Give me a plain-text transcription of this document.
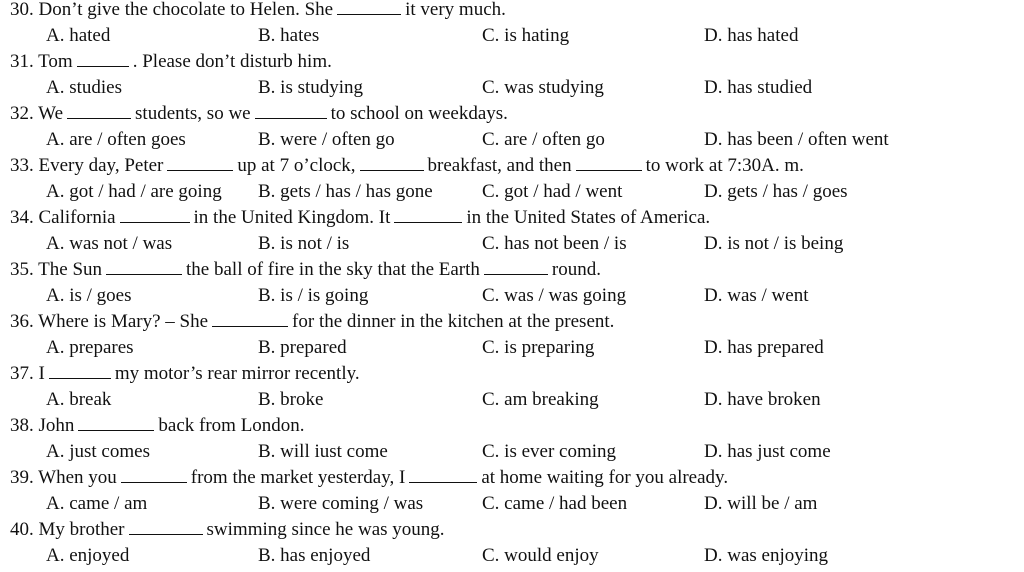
30. Don’t give the chocolate to Helen. She	it very much.
A. hated	B. hates	C. is hating	D. has hated
31. Tom	. Please don’t disturb him.
A. studies	B. is studying	C. was studying	D. has studied
32. We	students, so we	to school on weekdays.
A. are / often goes	B. were / often go	C. are / often go	D. has been / often went
33. Every day, Peter	up at 7 o’clock,	breakfast, and then	to work at 7:30A. m.
A. got / had / are going B. gets / has / has gone	C. got / had / went	D. gets / has / goes
34. California	in the United Kingdom. It	in the United States of America.
A. was not / was	B. is not / is	C. has not been / is	D. is not / is being
35. The Sun	the ball of fire in the sky that the Earth	round.
A. is / goes	B. is / is going	C. was / was going	D. was / went
36. Where is Mary? – She	for the dinner in the kitchen at the present.
A. prepares	B. prepared	C. is preparing	D. has prepared
37. I	my motor’s rear mirror recently.
A. break	B. broke	C. am breaking	D. have broken
38. John	back from London.
A. just comes	B. will iust come	C. is ever coming	D. has just come
39. When you	from the market yesterday, I	at home waiting for you already.
A. came / am	B. were coming / was	C. came / had been	D. will be / am
40. My brother	swimming since he was young.
A. enjoyed	B. has enjoyed	C. would enjoy	D. was enjoying
